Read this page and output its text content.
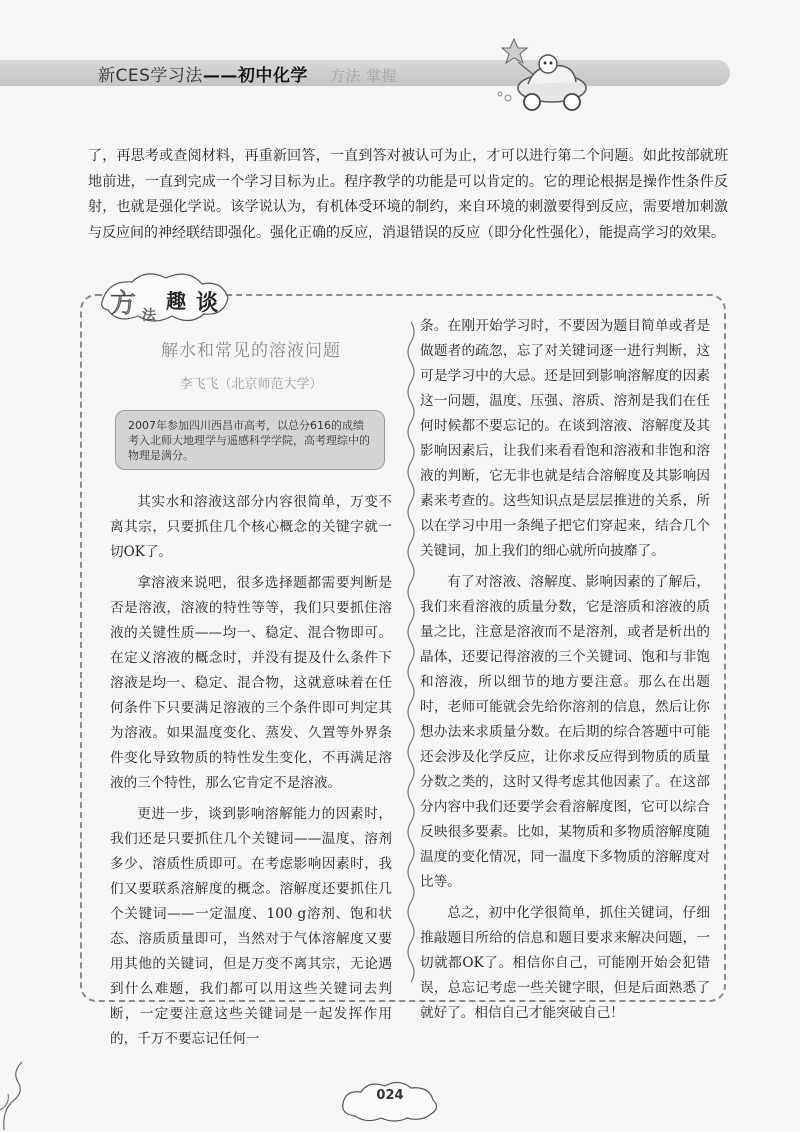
新CES学习法——初中化学 方法 掌握

了，再思考或查阅材料，再重新回答，一直到答对被认可为止，才可以进行第二个问题。如此按部就班地前进，一直到完成一个学习目标为止。程序教学的功能是可以肯定的。它的理论根据是操作性条件反射，也就是强化学说。该学说认为，有机体受环境的制约，来自环境的刺激要得到反应，需要增加刺激与反应间的神经联结即强化。强化正确的反应，消退错误的反应（即分化性强化），能提高学习的效果。

方 法
趣 谈
解水和常见的溶液问题
李飞飞（北京师范大学）
2007年参加四川西昌市高考，以总分616的成绩考入北师大地理学与遥感科学学院，高考理综中的物理是满分。

其实水和溶液这部分内容很简单，万变不离其宗，只要抓住几个核心概念的关键字就一切OK了。

拿溶液来说吧，很多选择题都需要判断是否是溶液，溶液的特性等等，我们只要抓住溶液的关键性质——均一、稳定、混合物即可。在定义溶液的概念时，并没有提及什么条件下溶液是均一、稳定、混合物，这就意味着在任何条件下只要满足溶液的三个条件即可判定其为溶液。如果温度变化、蒸发、久置等外界条件变化导致物质的特性发生变化，不再满足溶液的三个特性，那么它肯定不是溶液。

更进一步，谈到影响溶解能力的因素时，我们还是只要抓住几个关键词——温度、溶剂多少、溶质性质即可。在考虑影响因素时，我们又要联系溶解度的概念。溶解度还要抓住几个关键词——一定温度、100 g溶剂、饱和状态、溶质质量即可，当然对于气体溶解度又要用其他的关键词，但是万变不离其宗，无论遇到什么难题，我们都可以用这些关键词去判断，一定要注意这些关键词是一起发挥作用的，千万不要忘记任何一

条。在刚开始学习时，不要因为题目简单或者是做题者的疏忽，忘了对关键词逐一进行判断，这可是学习中的大忌。还是回到影响溶解度的因素这一问题，温度、压强、溶质、溶剂是我们在任何时候都不要忘记的。在谈到溶液、溶解度及其影响因素后，让我们来看看饱和溶液和非饱和溶液的判断，它无非也就是结合溶解度及其影响因素来考查的。这些知识点是层层推进的关系，所以在学习中用一条绳子把它们穿起来，结合几个关键词，加上我们的细心就所向披靡了。

有了对溶液、溶解度、影响因素的了解后，我们来看溶液的质量分数，它是溶质和溶液的质量之比，注意是溶液而不是溶剂，或者是析出的晶体，还要记得溶液的三个关键词、饱和与非饱和溶液，所以细节的地方要注意。那么在出题时，老师可能就会先给你溶剂的信息，然后让你想办法来求质量分数。在后期的综合答题中可能还会涉及化学反应，让你求反应得到物质的质量分数之类的，这时又得考虑其他因素了。在这部分内容中我们还要学会看溶解度图，它可以综合反映很多要素。比如，某物质和多物质溶解度随温度的变化情况，同一温度下多物质的溶解度对比等。

总之，初中化学很简单，抓住关键词，仔细推敲题目所给的信息和题目要求来解决问题，一切就都OK了。相信你自己，可能刚开始会犯错误，总忘记考虑一些关键字眼，但是后面熟悉了就好了。相信自己才能突破自己！

024
